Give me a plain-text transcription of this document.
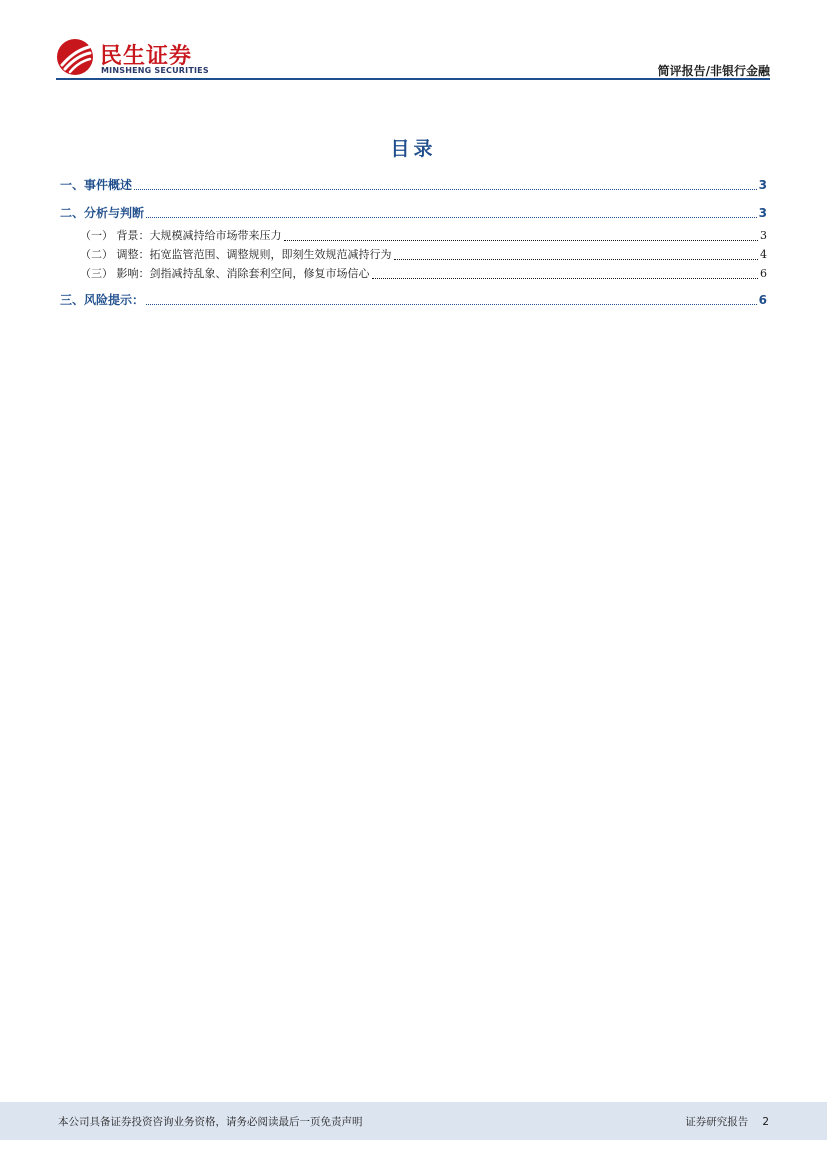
民生证券
MINSHENG SECURITIES	简评报告/非银行金融
目录
一、事件概述	3
二、分析与判断	3
（一） 背景：大规模减持给市场带来压力	3
（二） 调整：拓宽监管范围、调整规则，即刻生效规范减持行为	4
（三） 影响：剑指减持乱象、消除套利空间，修复市场信心	6
三、风险提示：	6
本公司具备证券投资咨询业务资格，请务必阅读最后一页免责声明	证券研究报告 2
